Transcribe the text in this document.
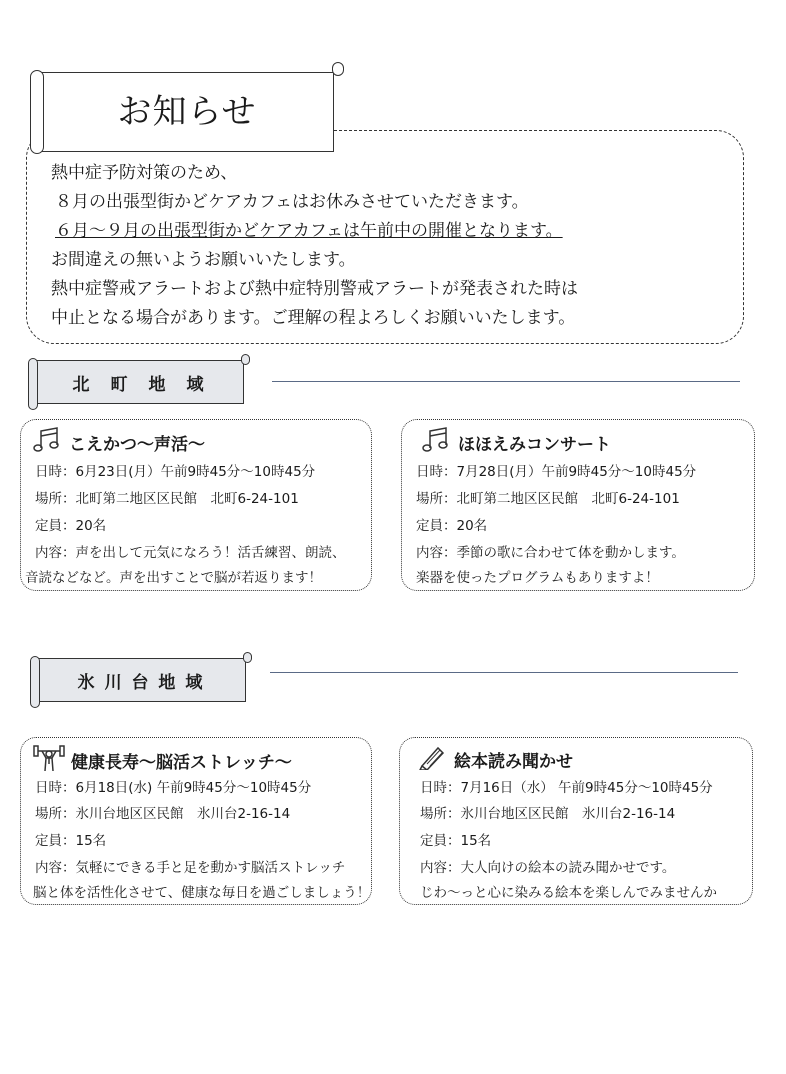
熱中症予防対策のため、
８月の出張型街かどケアカフェはお休みさせていただきます。
６月～９月の出張型街かどケアカフェは午前中の開催となります。
お間違えの無いようお願いいたします。
熱中症警戒アラートおよび熱中症特別警戒アラートが発表された時は
中止となる場合があります。ご理解の程よろしくお願いいたします。
お知らせ
北　町　地　域
こえかつ～声活～
日時：6月23日(月）午前9時45分～10時45分
場所：北町第二地区区民館　北町6-24-101
定員：20名
内容：声を出して元気になろう！活舌練習、朗読、
音読などなど。声を出すことで脳が若返ります！
ほほえみコンサート
日時：7月28日(月）午前9時45分～10時45分
場所：北町第二地区区民館　北町6-24-101
定員：20名
内容：季節の歌に合わせて体を動かします。
楽器を使ったプログラムもありますよ！
氷 川 台 地 域
健康長寿～脳活ストレッチ～
日時：6月18日(水) 午前9時45分～10時45分
場所：氷川台地区区民館　氷川台2-16-14
定員：15名
内容：気軽にできる手と足を動かす脳活ストレッチ
脳と体を活性化させて、健康な毎日を過ごしましょう！
絵本読み聞かせ
日時：7月16日（水） 午前9時45分～10時45分
場所：氷川台地区区民館　氷川台2-16-14
定員：15名
内容：大人向けの絵本の読み聞かせです。
じわ～っと心に染みる絵本を楽しんでみませんか
